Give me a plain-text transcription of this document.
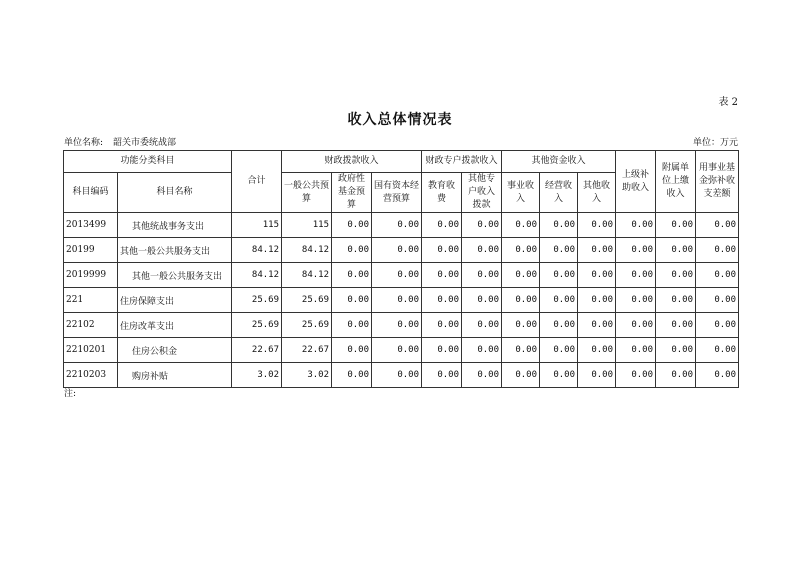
表 2
收入总体情况表
单位名称: 韶关市委统战部	单位：万元
功能分类科目		合计	财政拨款收入			财政专户拨款收入		其他资金收入			上级补助收入	附属单位上缴收入	用事业基金弥补收支差额
科目编码	科目名称		一般公共预算	政府性基金预算	国有资本经营预算	教育收费	其他专户收入拨款	事业收入	经营收入	其他收入			
2013499	其他统战事务支出	115	115	0.00	0.00	0.00	0.00	0.00	0.00	0.00	0.00	0.00	0.00
20199	其他一般公共服务支出	84.12	84.12	0.00	0.00	0.00	0.00	0.00	0.00	0.00	0.00	0.00	0.00
2019999	其他一般公共服务支出	84.12	84.12	0.00	0.00	0.00	0.00	0.00	0.00	0.00	0.00	0.00	0.00
221	住房保障支出	25.69	25.69	0.00	0.00	0.00	0.00	0.00	0.00	0.00	0.00	0.00	0.00
22102	住房改革支出	25.69	25.69	0.00	0.00	0.00	0.00	0.00	0.00	0.00	0.00	0.00	0.00
2210201	住房公积金	22.67	22.67	0.00	0.00	0.00	0.00	0.00	0.00	0.00	0.00	0.00	0.00
2210203	购房补贴	3.02	3.02	0.00	0.00	0.00	0.00	0.00	0.00	0.00	0.00	0.00	0.00
注:
